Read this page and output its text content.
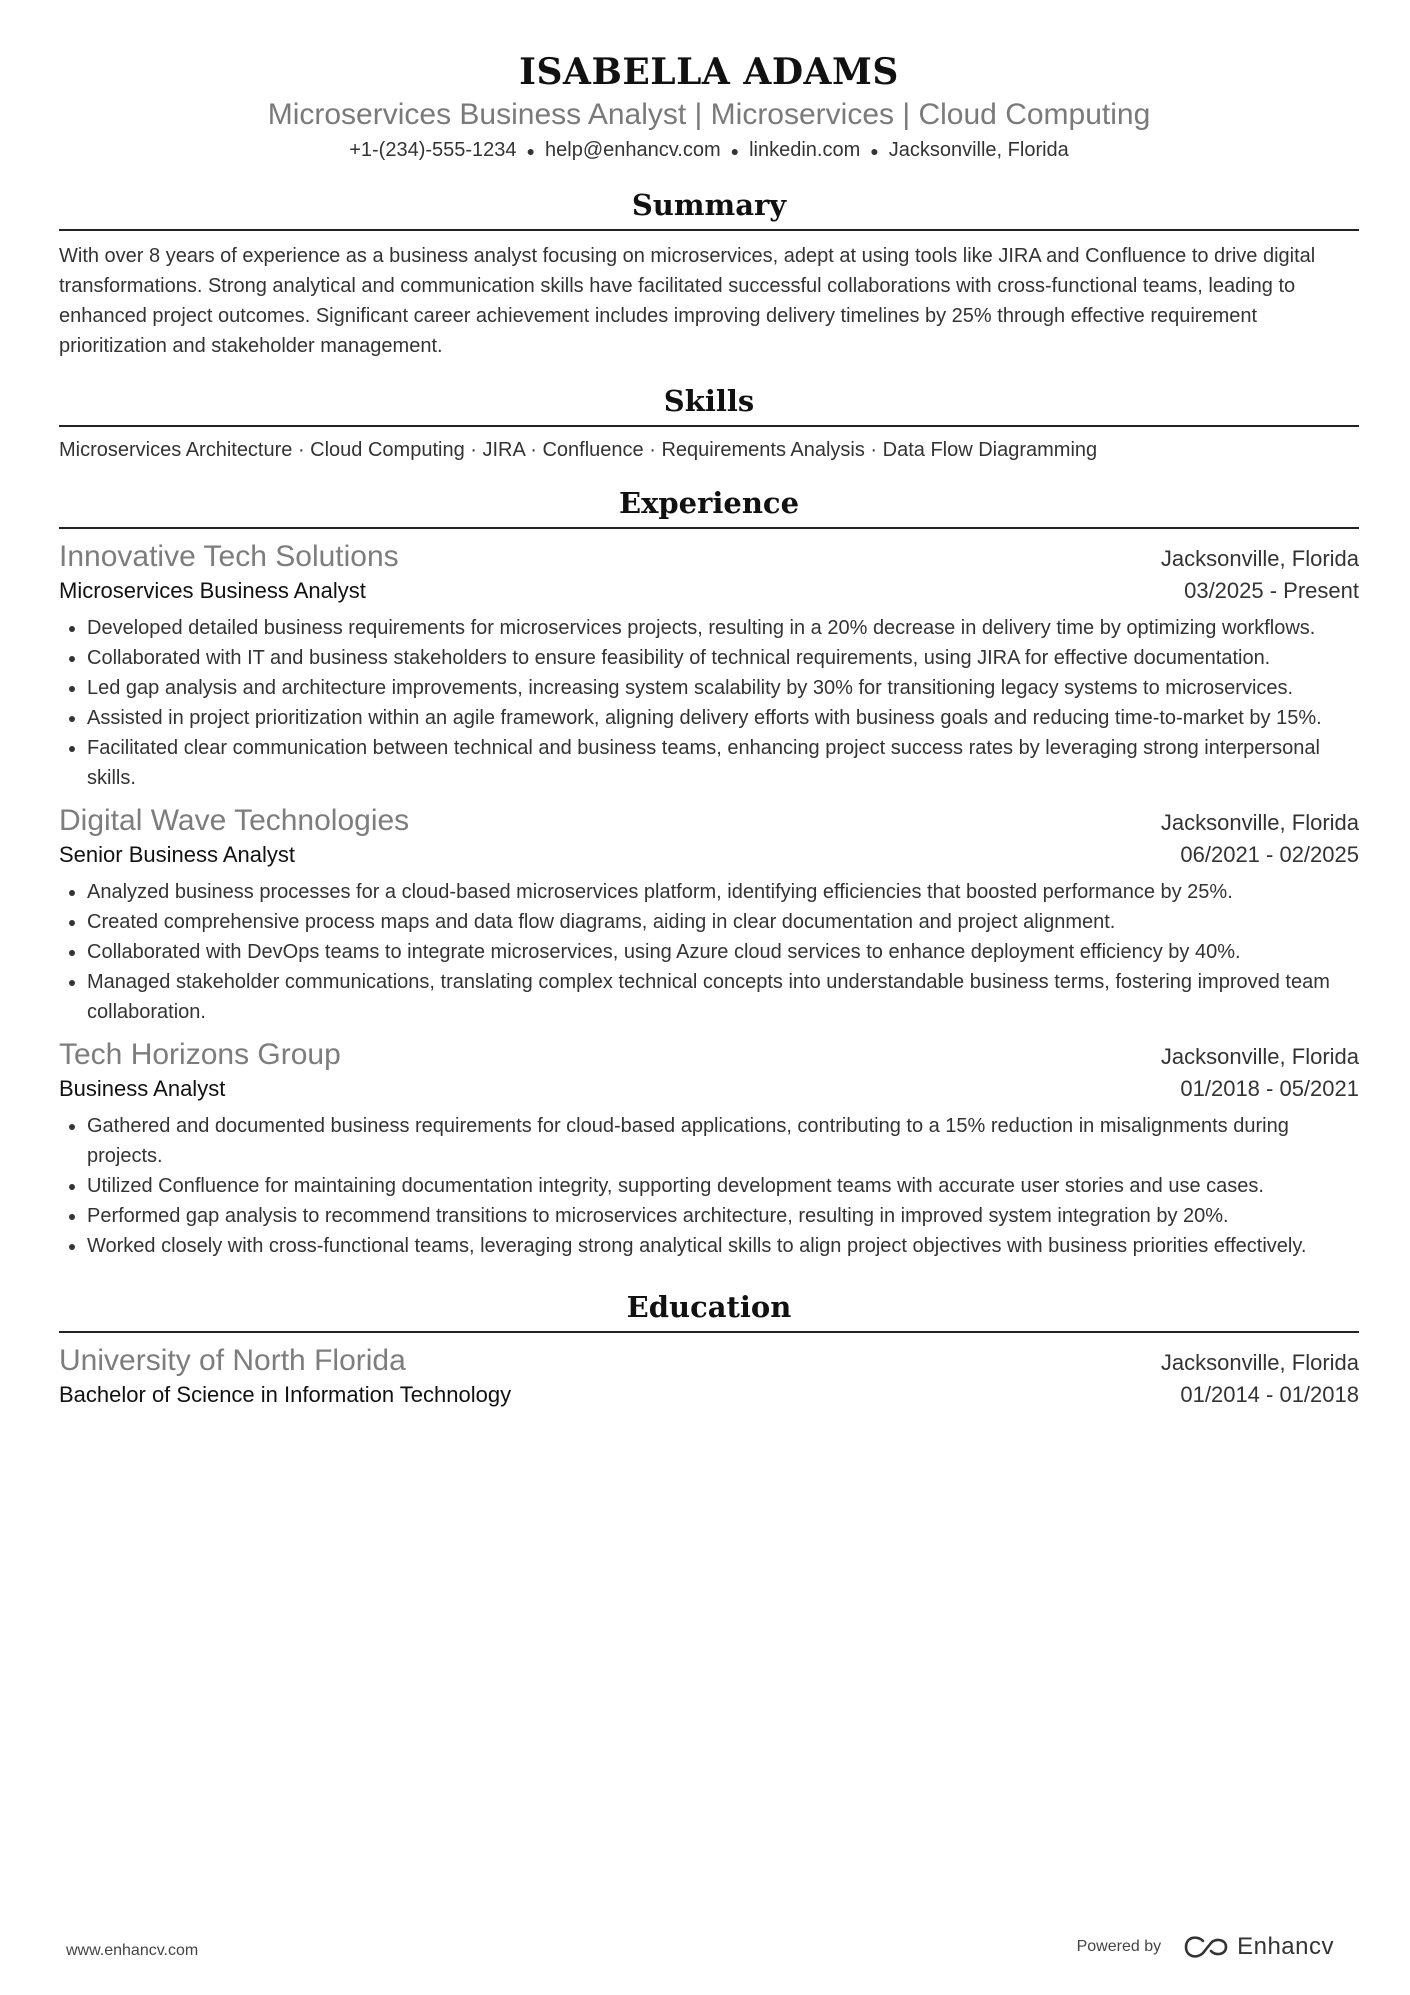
ISABELLA ADAMS
Microservices Business Analyst | Microservices | Cloud Computing
+1-(234)-555-1234 ● help@enhancv.com ● linkedin.com ● Jacksonville, Florida
Summary
With over 8 years of experience as a business analyst focusing on microservices, adept at using tools like JIRA and Confluence to drive digital transformations. Strong analytical and communication skills have facilitated successful collaborations with cross-functional teams, leading to enhanced project outcomes. Significant career achievement includes improving delivery timelines by 25% through effective requirement prioritization and stakeholder management.
Skills
Microservices Architecture · Cloud Computing · JIRA · Confluence · Requirements Analysis · Data Flow Diagramming
Experience
Innovative Tech Solutions	Jacksonville, Florida
Microservices Business Analyst	03/2025 - Present
Developed detailed business requirements for microservices projects, resulting in a 20% decrease in delivery time by optimizing workflows.
Collaborated with IT and business stakeholders to ensure feasibility of technical requirements, using JIRA for effective documentation.
Led gap analysis and architecture improvements, increasing system scalability by 30% for transitioning legacy systems to microservices.
Assisted in project prioritization within an agile framework, aligning delivery efforts with business goals and reducing time-to-market by 15%.
Facilitated clear communication between technical and business teams, enhancing project success rates by leveraging strong interpersonal skills.
Digital Wave Technologies	Jacksonville, Florida
Senior Business Analyst	06/2021 - 02/2025
Analyzed business processes for a cloud-based microservices platform, identifying efficiencies that boosted performance by 25%.
Created comprehensive process maps and data flow diagrams, aiding in clear documentation and project alignment.
Collaborated with DevOps teams to integrate microservices, using Azure cloud services to enhance deployment efficiency by 40%.
Managed stakeholder communications, translating complex technical concepts into understandable business terms, fostering improved team collaboration.
Tech Horizons Group	Jacksonville, Florida
Business Analyst	01/2018 - 05/2021
Gathered and documented business requirements for cloud-based applications, contributing to a 15% reduction in misalignments during projects.
Utilized Confluence for maintaining documentation integrity, supporting development teams with accurate user stories and use cases.
Performed gap analysis to recommend transitions to microservices architecture, resulting in improved system integration by 20%.
Worked closely with cross-functional teams, leveraging strong analytical skills to align project objectives with business priorities effectively.
Education
University of North Florida	Jacksonville, Florida
Bachelor of Science in Information Technology	01/2014 - 01/2018
www.enhancv.com	Powered by	Enhancv
